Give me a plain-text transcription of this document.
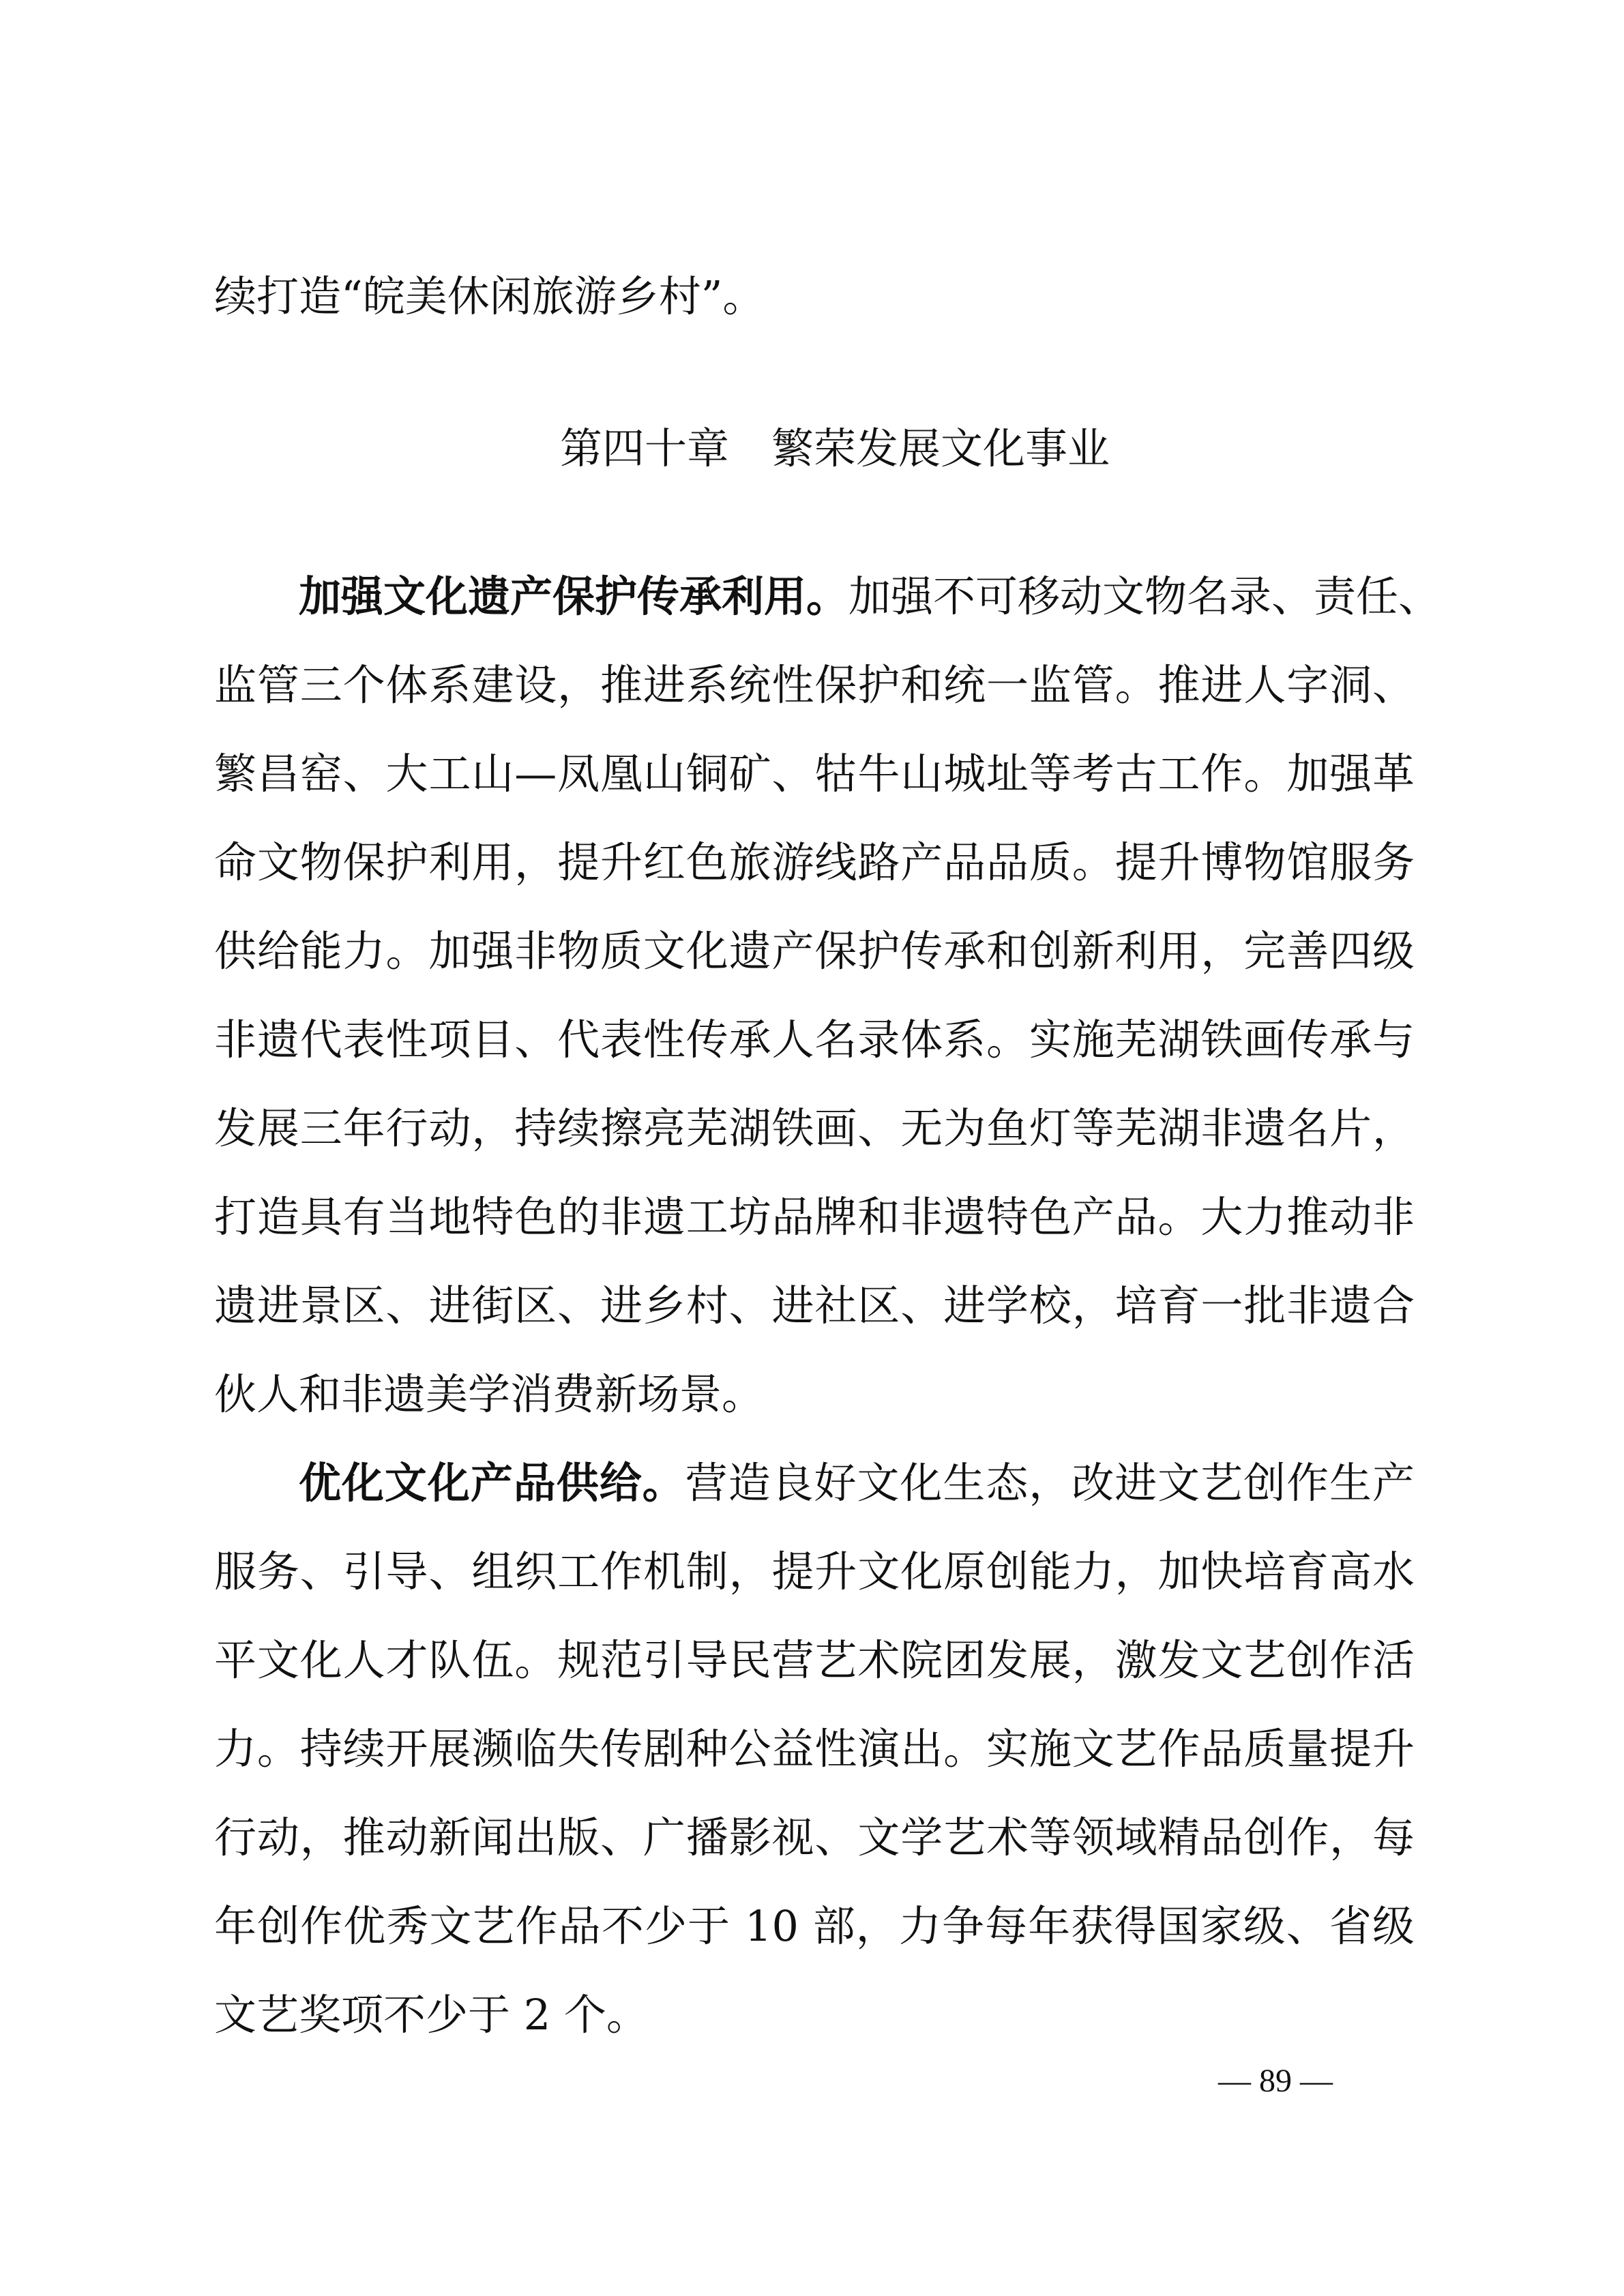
续打造“皖美休闲旅游乡村”。
第四十章　繁荣发展文化事业
加强文化遗产保护传承利用。加强不可移动文物名录、责任、
监管三个体系建设，推进系统性保护和统一监管。推进人字洞、
繁昌窑、大工山—凤凰山铜矿、牯牛山城址等考古工作。加强革
命文物保护利用，提升红色旅游线路产品品质。提升博物馆服务
供给能力。加强非物质文化遗产保护传承和创新利用，完善四级
非遗代表性项目、代表性传承人名录体系。实施芜湖铁画传承与
发展三年行动，持续擦亮芜湖铁画、无为鱼灯等芜湖非遗名片，
打造具有当地特色的非遗工坊品牌和非遗特色产品。大力推动非
遗进景区、进街区、进乡村、进社区、进学校，培育一批非遗合
伙人和非遗美学消费新场景。
优化文化产品供给。营造良好文化生态，改进文艺创作生产
服务、引导、组织工作机制，提升文化原创能力，加快培育高水
平文化人才队伍。规范引导民营艺术院团发展，激发文艺创作活
力。持续开展濒临失传剧种公益性演出。实施文艺作品质量提升
行动，推动新闻出版、广播影视、文学艺术等领域精品创作，每
年创作优秀文艺作品不少于 10 部，力争每年获得国家级、省级
文艺奖项不少于 2 个。
— 89 —
